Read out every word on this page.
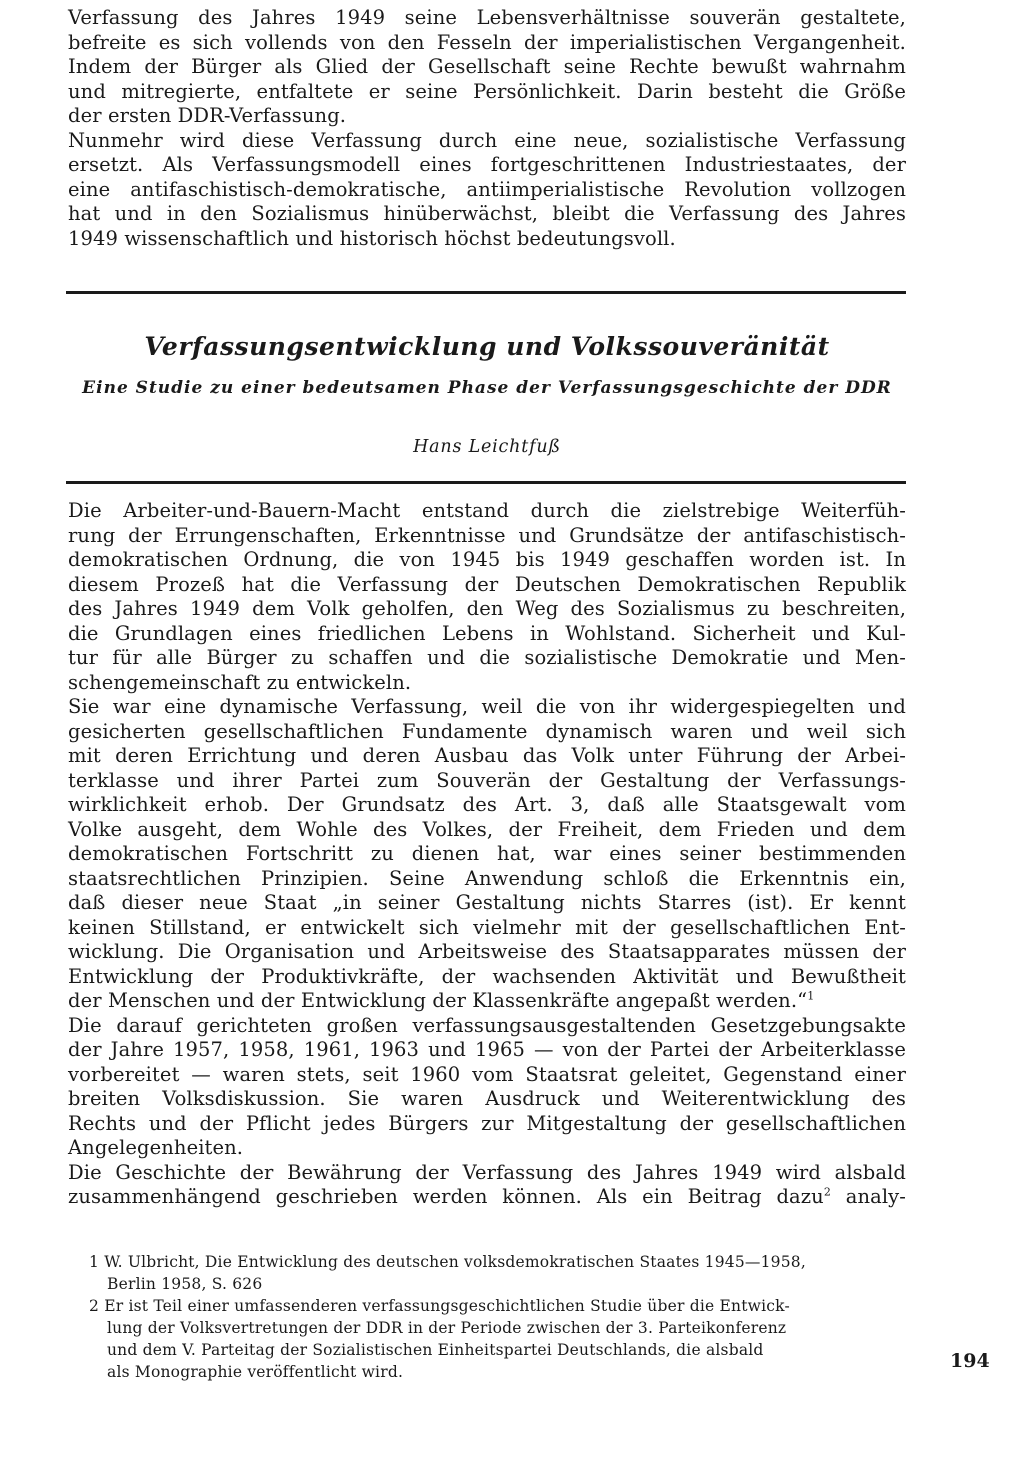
Verfassung des Jahres 1949 seine Lebensverhältnisse souverän gestaltete,
befreite es sich vollends von den Fesseln der imperialistischen Vergangenheit.
Indem der Bürger als Glied der Gesellschaft seine Rechte bewußt wahrnahm
und mitregierte, entfaltete er seine Persönlichkeit. Darin besteht die Größe
der ersten DDR-Verfassung.
Nunmehr wird diese Verfassung durch eine neue, sozialistische Verfassung
ersetzt. Als Verfassungsmodell eines fortgeschrittenen Industriestaates, der
eine antifaschistisch-demokratische, antiimperialistische Revolution vollzogen
hat und in den Sozialismus hinüberwächst, bleibt die Verfassung des Jahres
1949 wissenschaftlich und historisch höchst bedeutungsvoll.
Verfassungsentwicklung und Volkssouveränität
Eine Studie zu einer bedeutsamen Phase der Verfassungsgeschichte der DDR
Hans Leichtfuß
Die Arbeiter-und-Bauern-Macht entstand durch die zielstrebige Weiterfüh-
rung der Errungenschaften, Erkenntnisse und Grundsätze der antifaschistisch-
demokratischen Ordnung, die von 1945 bis 1949 geschaffen worden ist. In
diesem Prozeß hat die Verfassung der Deutschen Demokratischen Republik
des Jahres 1949 dem Volk geholfen, den Weg des Sozialismus zu beschreiten,
die Grundlagen eines friedlichen Lebens in Wohlstand. Sicherheit und Kul-
tur für alle Bürger zu schaffen und die sozialistische Demokratie und Men-
schengemeinschaft zu entwickeln.
Sie war eine dynamische Verfassung, weil die von ihr widergespiegelten und
gesicherten gesellschaftlichen Fundamente dynamisch waren und weil sich
mit deren Errichtung und deren Ausbau das Volk unter Führung der Arbei-
terklasse und ihrer Partei zum Souverän der Gestaltung der Verfassungs-
wirklichkeit erhob. Der Grundsatz des Art. 3, daß alle Staatsgewalt vom
Volke ausgeht, dem Wohle des Volkes, der Freiheit, dem Frieden und dem
demokratischen Fortschritt zu dienen hat, war eines seiner bestimmenden
staatsrechtlichen Prinzipien. Seine Anwendung schloß die Erkenntnis ein,
daß dieser neue Staat „in seiner Gestaltung nichts Starres (ist). Er kennt
keinen Stillstand, er entwickelt sich vielmehr mit der gesellschaftlichen Ent-
wicklung. Die Organisation und Arbeitsweise des Staatsapparates müssen der
Entwicklung der Produktivkräfte, der wachsenden Aktivität und Bewußtheit
der Menschen und der Entwicklung der Klassenkräfte angepaßt werden.“$^1$
Die darauf gerichteten großen verfassungsausgestaltenden Gesetzgebungsakte
der Jahre 1957, 1958, 1961, 1963 und 1965 — von der Partei der Arbeiterklasse
vorbereitet — waren stets, seit 1960 vom Staatsrat geleitet, Gegenstand einer
breiten Volksdiskussion. Sie waren Ausdruck und Weiterentwicklung des
Rechts und der Pflicht jedes Bürgers zur Mitgestaltung der gesellschaftlichen
Angelegenheiten.
Die Geschichte der Bewährung der Verfassung des Jahres 1949 wird alsbald
zusammenhängend geschrieben werden können. Als ein Beitrag dazu$^2$ analy-
1 W. Ulbricht, Die Entwicklung des deutschen volksdemokratischen Staates 1945—1958,
Berlin 1958, S. 626
2 Er ist Teil einer umfassenderen verfassungsgeschichtlichen Studie über die Entwick-
lung der Volksvertretungen der DDR in der Periode zwischen der 3. Parteikonferenz
und dem V. Parteitag der Sozialistischen Einheitspartei Deutschlands, die alsbald
als Monographie veröffentlicht wird.	194
